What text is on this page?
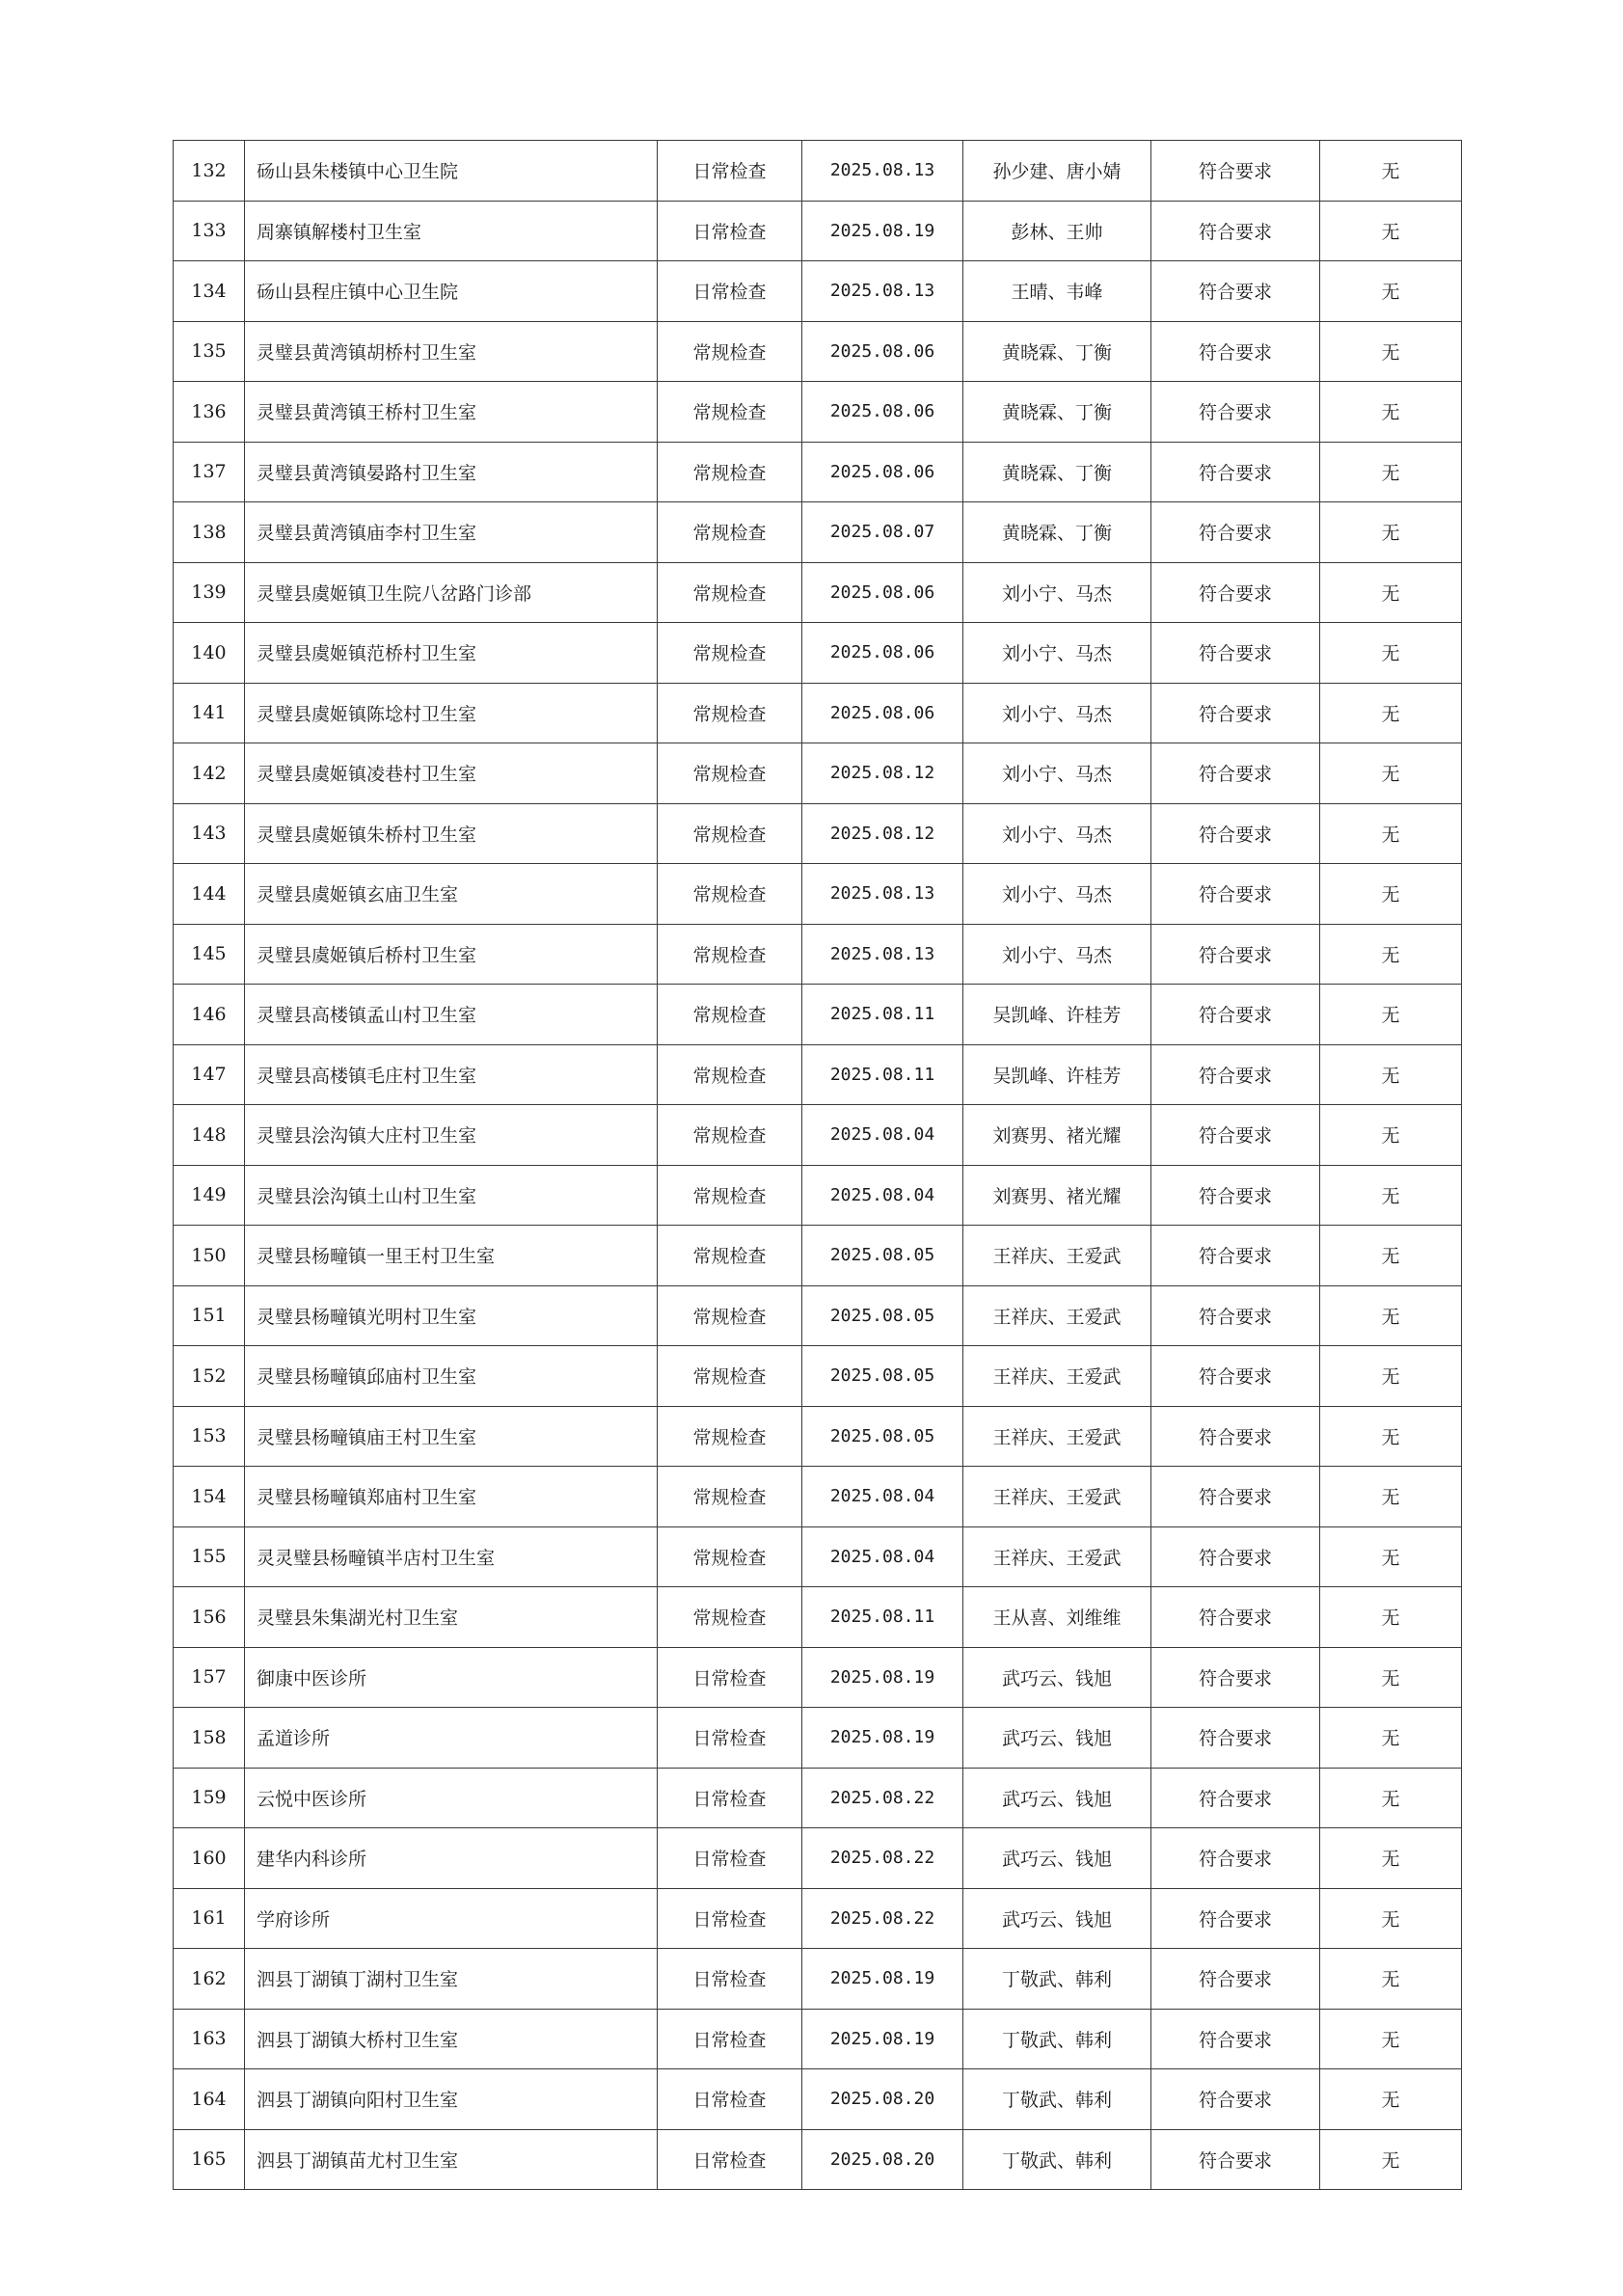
132	砀山县朱楼镇中心卫生院	日常检查	2025.08.13	孙少建、唐小婧	符合要求	无
133	周寨镇解楼村卫生室	日常检查	2025.08.19	彭林、王帅	符合要求	无
134	砀山县程庄镇中心卫生院	日常检查	2025.08.13	王晴、韦峰	符合要求	无
135	灵璧县黄湾镇胡桥村卫生室	常规检查	2025.08.06	黄晓霖、丁衡	符合要求	无
136	灵璧县黄湾镇王桥村卫生室	常规检查	2025.08.06	黄晓霖、丁衡	符合要求	无
137	灵璧县黄湾镇晏路村卫生室	常规检查	2025.08.06	黄晓霖、丁衡	符合要求	无
138	灵璧县黄湾镇庙李村卫生室	常规检查	2025.08.07	黄晓霖、丁衡	符合要求	无
139	灵璧县虞姬镇卫生院八岔路门诊部	常规检查	2025.08.06	刘小宁、马杰	符合要求	无
140	灵璧县虞姬镇范桥村卫生室	常规检查	2025.08.06	刘小宁、马杰	符合要求	无
141	灵璧县虞姬镇陈埝村卫生室	常规检查	2025.08.06	刘小宁、马杰	符合要求	无
142	灵璧县虞姬镇凌巷村卫生室	常规检查	2025.08.12	刘小宁、马杰	符合要求	无
143	灵璧县虞姬镇朱桥村卫生室	常规检查	2025.08.12	刘小宁、马杰	符合要求	无
144	灵璧县虞姬镇玄庙卫生室	常规检查	2025.08.13	刘小宁、马杰	符合要求	无
145	灵璧县虞姬镇后桥村卫生室	常规检查	2025.08.13	刘小宁、马杰	符合要求	无
146	灵璧县高楼镇孟山村卫生室	常规检查	2025.08.11	吴凯峰、许桂芳	符合要求	无
147	灵璧县高楼镇毛庄村卫生室	常规检查	2025.08.11	吴凯峰、许桂芳	符合要求	无
148	灵璧县浍沟镇大庄村卫生室	常规检查	2025.08.04	刘赛男、褚光耀	符合要求	无
149	灵璧县浍沟镇土山村卫生室	常规检查	2025.08.04	刘赛男、褚光耀	符合要求	无
150	灵璧县杨疃镇一里王村卫生室	常规检查	2025.08.05	王祥庆、王爱武	符合要求	无
151	灵璧县杨疃镇光明村卫生室	常规检查	2025.08.05	王祥庆、王爱武	符合要求	无
152	灵璧县杨疃镇邱庙村卫生室	常规检查	2025.08.05	王祥庆、王爱武	符合要求	无
153	灵璧县杨疃镇庙王村卫生室	常规检查	2025.08.05	王祥庆、王爱武	符合要求	无
154	灵璧县杨疃镇郑庙村卫生室	常规检查	2025.08.04	王祥庆、王爱武	符合要求	无
155	灵灵璧县杨疃镇半店村卫生室	常规检查	2025.08.04	王祥庆、王爱武	符合要求	无
156	灵璧县朱集湖光村卫生室	常规检查	2025.08.11	王从喜、刘维维	符合要求	无
157	御康中医诊所	日常检查	2025.08.19	武巧云、钱旭	符合要求	无
158	孟道诊所	日常检查	2025.08.19	武巧云、钱旭	符合要求	无
159	云悦中医诊所	日常检查	2025.08.22	武巧云、钱旭	符合要求	无
160	建华内科诊所	日常检查	2025.08.22	武巧云、钱旭	符合要求	无
161	学府诊所	日常检查	2025.08.22	武巧云、钱旭	符合要求	无
162	泗县丁湖镇丁湖村卫生室	日常检查	2025.08.19	丁敬武、韩利	符合要求	无
163	泗县丁湖镇大桥村卫生室	日常检查	2025.08.19	丁敬武、韩利	符合要求	无
164	泗县丁湖镇向阳村卫生室	日常检查	2025.08.20	丁敬武、韩利	符合要求	无
165	泗县丁湖镇苗尤村卫生室	日常检查	2025.08.20	丁敬武、韩利	符合要求	无
